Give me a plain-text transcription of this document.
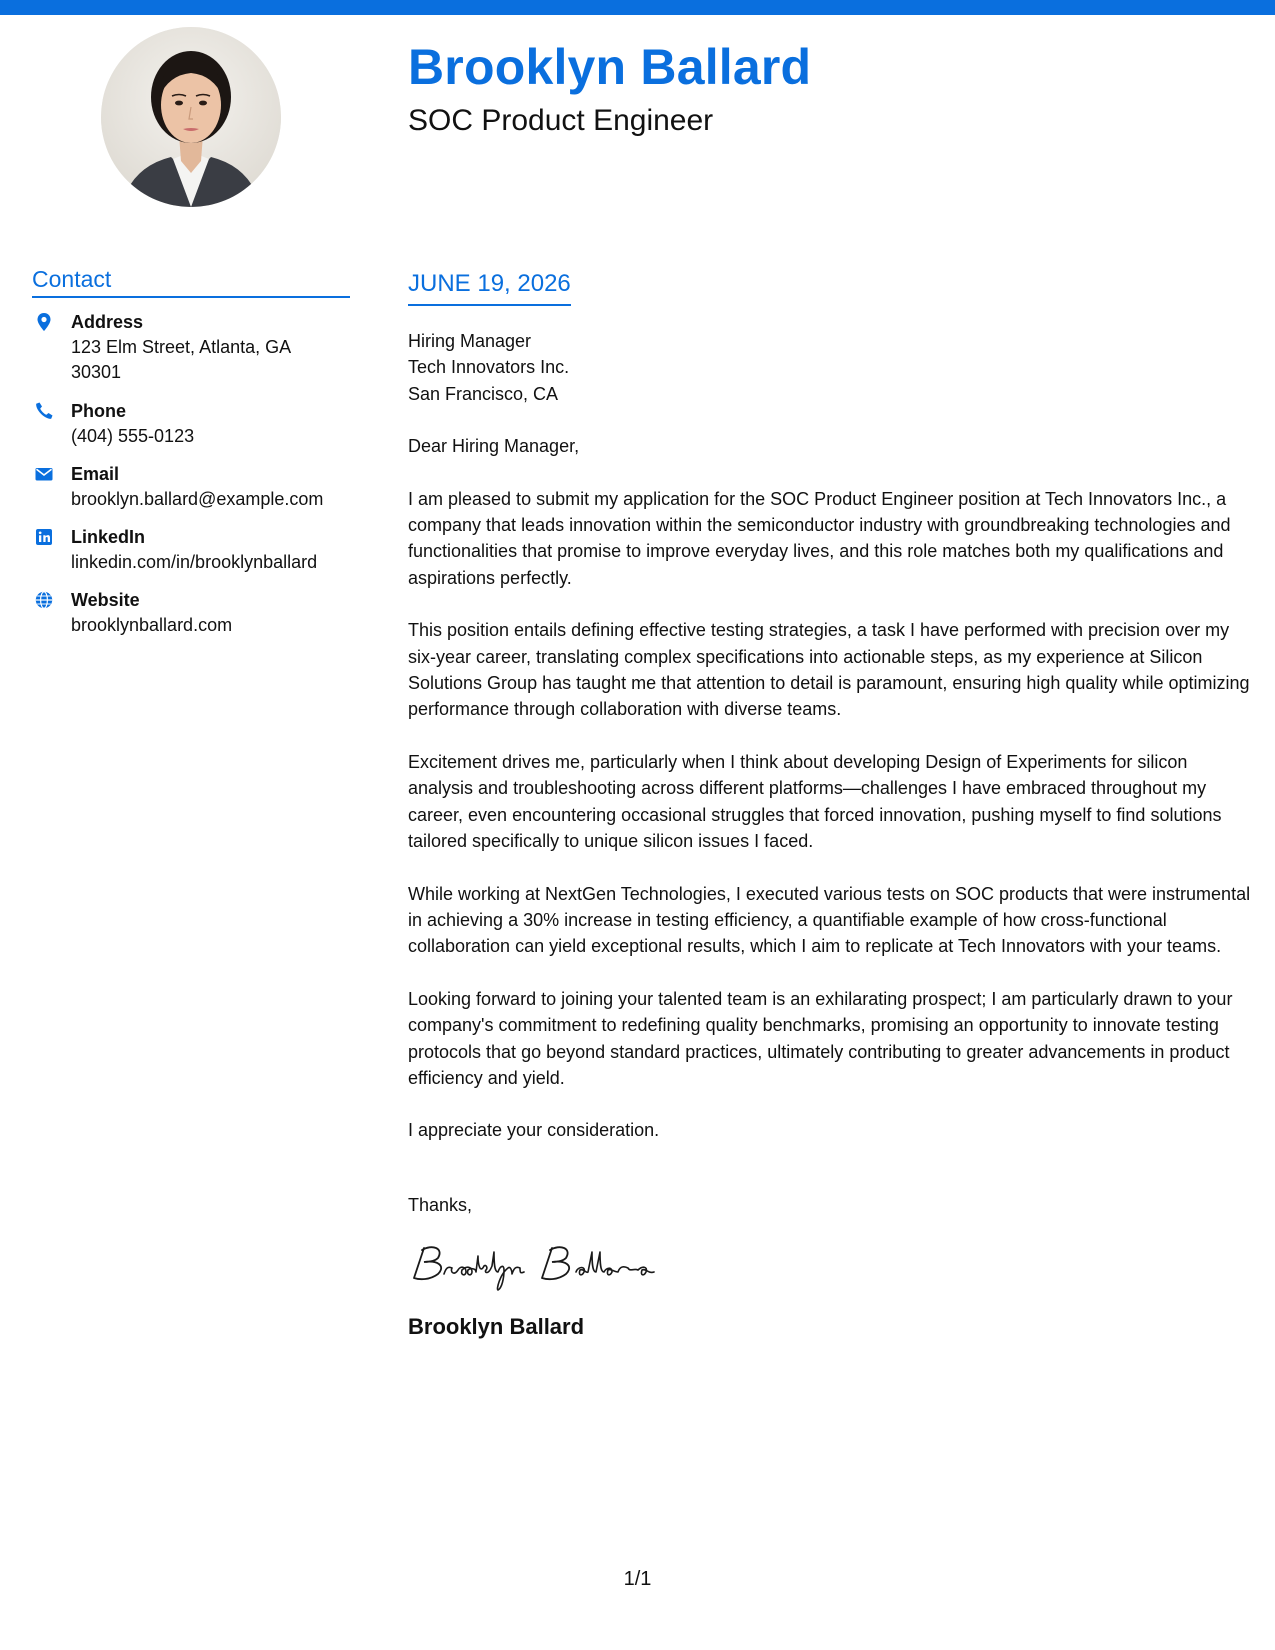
Brooklyn Ballard
SOC Product Engineer
Contact
Address
123 Elm Street, Atlanta, GA 30301
Phone
(404) 555-0123
Email
brooklyn.ballard@example.com
LinkedIn
linkedin.com/in/brooklynballard
Website
brooklynballard.com
JUNE 19, 2026

Hiring Manager
Tech Innovators Inc.
San Francisco, CA

Dear Hiring Manager,

I am pleased to submit my application for the SOC Product Engineer position at Tech Innovators Inc., a company that leads innovation within the semiconductor industry with groundbreaking technologies and functionalities that promise to improve everyday lives, and this role matches both my qualifications and aspirations perfectly.

This position entails defining effective testing strategies, a task I have performed with precision over my six-year career, translating complex specifications into actionable steps, as my experience at Silicon Solutions Group has taught me that attention to detail is paramount, ensuring high quality while optimizing performance through collaboration with diverse teams.

Excitement drives me, particularly when I think about developing Design of Experiments for silicon analysis and troubleshooting across different platforms—challenges I have embraced throughout my career, even encountering occasional struggles that forced innovation, pushing myself to find solutions tailored specifically to unique silicon issues I faced.

While working at NextGen Technologies, I executed various tests on SOC products that were instrumental in achieving a 30% increase in testing efficiency, a quantifiable example of how cross-functional collaboration can yield exceptional results, which I aim to replicate at Tech Innovators with your teams.

Looking forward to joining your talented team is an exhilarating prospect; I am particularly drawn to your company's commitment to redefining quality benchmarks, promising an opportunity to innovate testing protocols that go beyond standard practices, ultimately contributing to greater advancements in product efficiency and yield.

I appreciate your consideration.

Thanks,

Brooklyn Ballard

1/1
